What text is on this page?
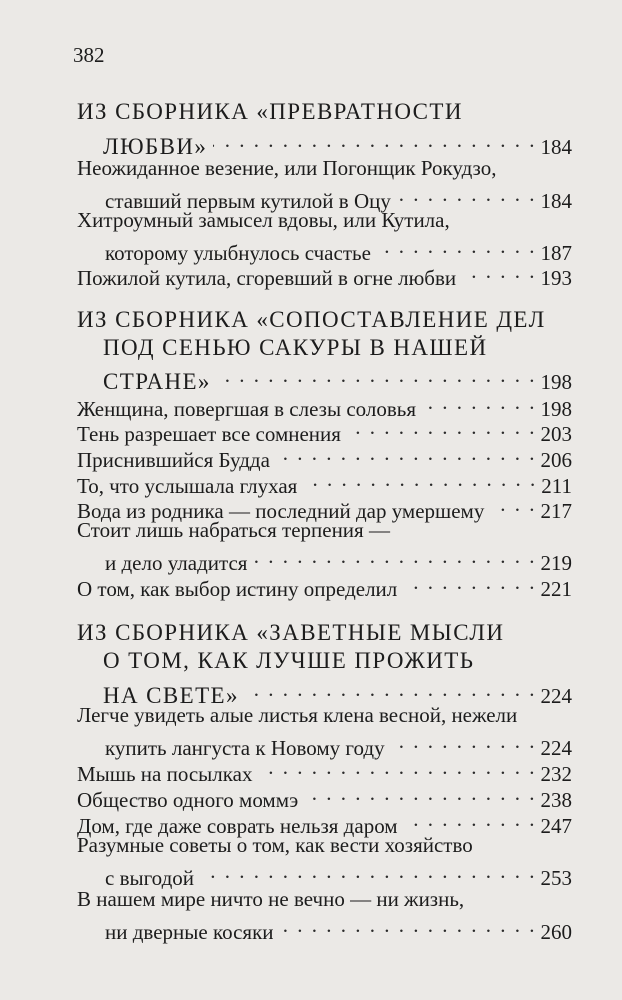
382
ИЗ СБОРНИКА «ПРЕВРАТНОСТИ
ЛЮБВИ» . . .	184
Неожиданное везение, или Погонщик Рокудзо,
ставший первым кутилой в Оцу . . .	184
Хитроумный замысел вдовы, или Кутила,
которому улыбнулось счастье . . .	187
Пожилой кутила, сгоревший в огне любви . . .	193
ИЗ СБОРНИКА «СОПОСТАВЛЕНИЕ ДЕЛ
ПОД СЕНЬЮ САКУРЫ В НАШЕЙ
СТРАНЕ» . . .	198
Женщина, повергшая в слезы соловья . . .	198
Тень разрешает все сомнения . . .	203
Приснившийся Будда . . .	206
То, что услышала глухая . . .	211
Вода из родника — последний дар умершему . . .	217
Стоит лишь набраться терпения —
и дело уладится . . .	219
О том, как выбор истину определил . . .	221
ИЗ СБОРНИКА «ЗАВЕТНЫЕ МЫСЛИ
О ТОМ, КАК ЛУЧШЕ ПРОЖИТЬ
НА СВЕТЕ» . . .	224
Легче увидеть алые листья клена весной, нежели
купить лангуста к Новому году . . .	224
Мышь на посылках . . .	232
Общество одного моммэ . . .	238
Дом, где даже соврать нельзя даром . . .	247
Разумные советы о том, как вести хозяйство
с выгодой . . .	253
В нашем мире ничто не вечно — ни жизнь,
ни дверные косяки . . .	260
